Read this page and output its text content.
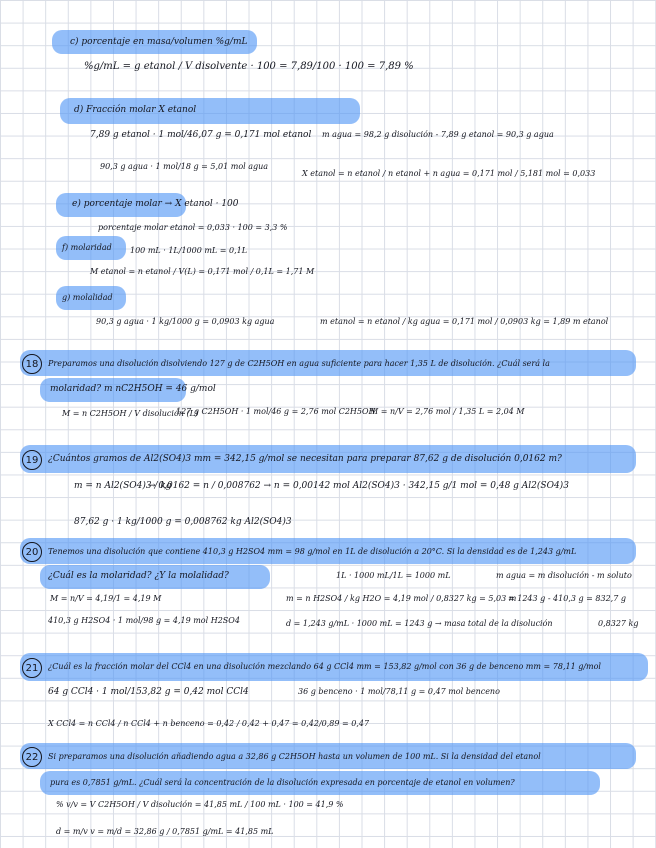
c) porcentaje en masa/volumen %g/mL
%g/mL = g etanol / V disolvente · 100 = 7,89/100 · 100 = 7,89 %
d) Fracción molar X etanol
7,89 g etanol · 1 mol/46,07 g = 0,171 mol etanol m agua = 98,2 g disolución - 7,89 g etanol = 90,3 g agua
90,3 g agua · 1 mol/18 g = 5,01 mol agua
X etanol = n etanol / n etanol + n agua = 0,171 mol / 5,181 mol = 0,033
e) porcentaje molar → X etanol · 100
porcentaje molar etanol = 0,033 · 100 = 3,3 %
f) molaridad 100 mL · 1L/1000 mL = 0,1L
M etanol = n etanol / V(L) = 0,171 mol / 0,1L = 1,71 M
g) molalidad
90,3 g agua · 1 kg/1000 g = 0,0903 kg agua	m etanol = n etanol / kg agua = 0,171 mol / 0,0903 kg = 1,89 m etanol
18	Preparamos una disolución disolviendo 127 g de C2H5OH en agua suficiente para hacer 1,35 L de disolución. ¿Cuál será la
molaridad? m nC2H5OH = 46 g/mol
M = n C2H5OH / V disolución (L)
127 g C2H5OH · 1 mol/46 g = 2,76 mol C2H5OH
M = n/V = 2,76 mol / 1,35 L = 2,04 M
19	¿Cuántos gramos de Al2(SO4)3 mm = 342,15 g/mol se necesitan para preparar 87,62 g de disolución 0,0162 m?
m = n Al2(SO4)3 / kg
→ 0,0162 = n / 0,008762 → n = 0,00142 mol Al2(SO4)3 · 342,15 g/1 mol = 0,48 g Al2(SO4)3
87,62 g · 1 kg/1000 g = 0,008762 kg Al2(SO4)3
20	Tenemos una disolución que contiene 410,3 g H2SO4 mm = 98 g/mol en 1L de disolución a 20°C. Si la densidad es de 1,243 g/mL
¿Cuál es la molaridad? ¿Y la molalidad?	1L · 1000 mL/1L = 1000 mL	m agua = m disolución - m soluto
M = n/V = 4,19/1 = 4,19 M	m = n H2SO4 / kg H2O = 4,19 mol / 0,8327 kg = 5,03 m
= 1243 g - 410,3 g = 832,7 g
410,3 g H2SO4 · 1 mol/98 g = 4,19 mol H2SO4	d = 1,243 g/mL · 1000 mL = 1243 g → masa total de la disolución	0,8327 kg
21	¿Cuál es la fracción molar del CCl4 en una disolución mezclando 64 g CCl4 mm = 153,82 g/mol con 36 g de benceno mm = 78,11 g/mol
64 g CCl4 · 1 mol/153,82 g = 0,42 mol CCl4	36 g benceno · 1 mol/78,11 g = 0,47 mol benceno
X CCl4 = n CCl4 / n CCl4 + n benceno = 0,42 / 0,42 + 0,47 = 0,42/0,89 = 0,47
22	Si preparamos una disolución añadiendo agua a 32,86 g C2H5OH hasta un volumen de 100 mL. Si la densidad del etanol
pura es 0,7851 g/mL. ¿Cuál será la concentración de la disolución expresada en porcentaje de etanol en volumen?
% v/v = V C2H5OH / V disolución = 41,85 mL / 100 mL · 100 = 41,9 %
d = m/v v = m/d = 32,86 g / 0,7851 g/mL = 41,85 mL
